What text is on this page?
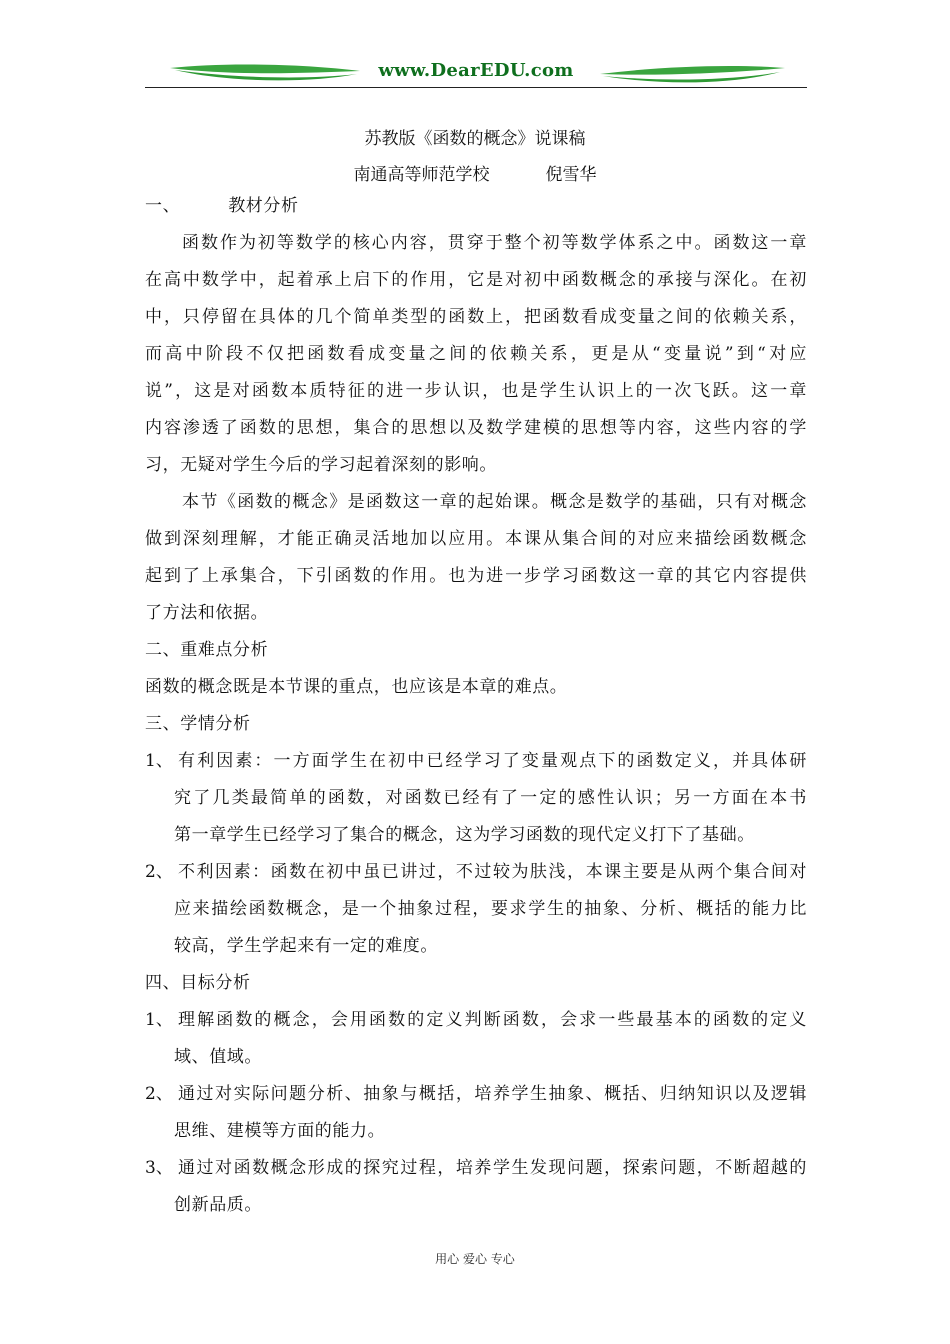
www.DearEDU.com
苏教版《函数的概念》说课稿
南通高等师范学校	倪雪华
一、	教材分析
函数作为初等数学的核心内容，贯穿于整个初等数学体系之中。函数这一章
在高中数学中，起着承上启下的作用，它是对初中函数概念的承接与深化。在初
中，只停留在具体的几个简单类型的函数上，把函数看成变量之间的依赖关系，
而高中阶段不仅把函数看成变量之间的依赖关系，更是从“变量说”到“对应
说”，这是对函数本质特征的进一步认识，也是学生认识上的一次飞跃。这一章
内容渗透了函数的思想，集合的思想以及数学建模的思想等内容，这些内容的学
习，无疑对学生今后的学习起着深刻的影响。
本节《函数的概念》是函数这一章的起始课。概念是数学的基础，只有对概念
做到深刻理解，才能正确灵活地加以应用。本课从集合间的对应来描绘函数概念
起到了上承集合，下引函数的作用。也为进一步学习函数这一章的其它内容提供
了方法和依据。
二、重难点分析
函数的概念既是本节课的重点，也应该是本章的难点。
三、学情分析
1、 有利因素：一方面学生在初中已经学习了变量观点下的函数定义，并具体研
究了几类最简单的函数，对函数已经有了一定的感性认识；另一方面在本书
第一章学生已经学习了集合的概念，这为学习函数的现代定义打下了基础。
2、 不利因素：函数在初中虽已讲过，不过较为肤浅，本课主要是从两个集合间对
应来描绘函数概念，是一个抽象过程，要求学生的抽象、分析、概括的能力比
较高，学生学起来有一定的难度。
四、目标分析
1、 理解函数的概念，会用函数的定义判断函数，会求一些最基本的函数的定义
域、值域。
2、 通过对实际问题分析、抽象与概括，培养学生抽象、概括、归纳知识以及逻辑
思维、建模等方面的能力。
3、 通过对函数概念形成的探究过程，培养学生发现问题，探索问题，不断超越的
创新品质。
用心 爱心 专心
